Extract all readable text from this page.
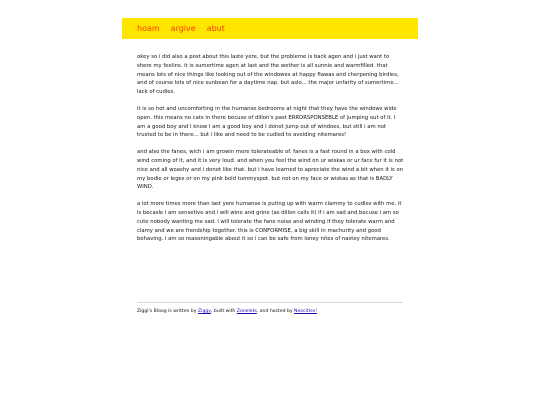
hoam argive abut

okey so i did also a post about this laste yere, but the probleme is back agen and i just want to shere my feelins. it is sumertime agen at last and the wether is all sunnie and warmfilled. that means lots of nice things like looking out of the windowes at happy flawas and cherpening birdies, and of course lots of nice sunbean for a daytime nap. but aslo... the major unfarity of sumertime... lack of cudles.

it is so hot and uncomforting in the humanse bedrooms at night that they have the windows wide open. this means no cats in there becuse of dillon's past ERRORSPONSEBLE of jumping out of it. I am a good boy and I know I am a good boy and I donot jump out of windoes, but still i am not trusted to be in there... but i like and need to be cudled to avoiding nitemares!

and also the fanes, wich i am growin more tolerateable of. fanes is a fast round in a box with cold wind coming of it, and it is very loud. and when you feel the wind on ur wiskas or ur face fur it is not nice and all woashy and i donot like that. but i have learned to apreciate the wind a bit when it is on my bodie or leges or on my pink bold tummyspot. but not on my face or wiskas as that is BADLY WIND.

a lot more times more than last yere humanse is puting up with warm clammy to cudles with me. it is becasle i am sensetive and i will wine and grine (as dillon calls it) if i am sad and becuse i am so cute nobody wanting me sad. i will tolerate the fane noise and winding if they tolerate warm and clamy and we are frendship together. this is CONFORMISE, a big skill in machurity and good behaving. i am so reasoningable about it so i can be safe from loney nites of nastey nitemares.

Ziggi's Bloog is written by Ziggy, built with Zonelets, and hosted by Neocities!
